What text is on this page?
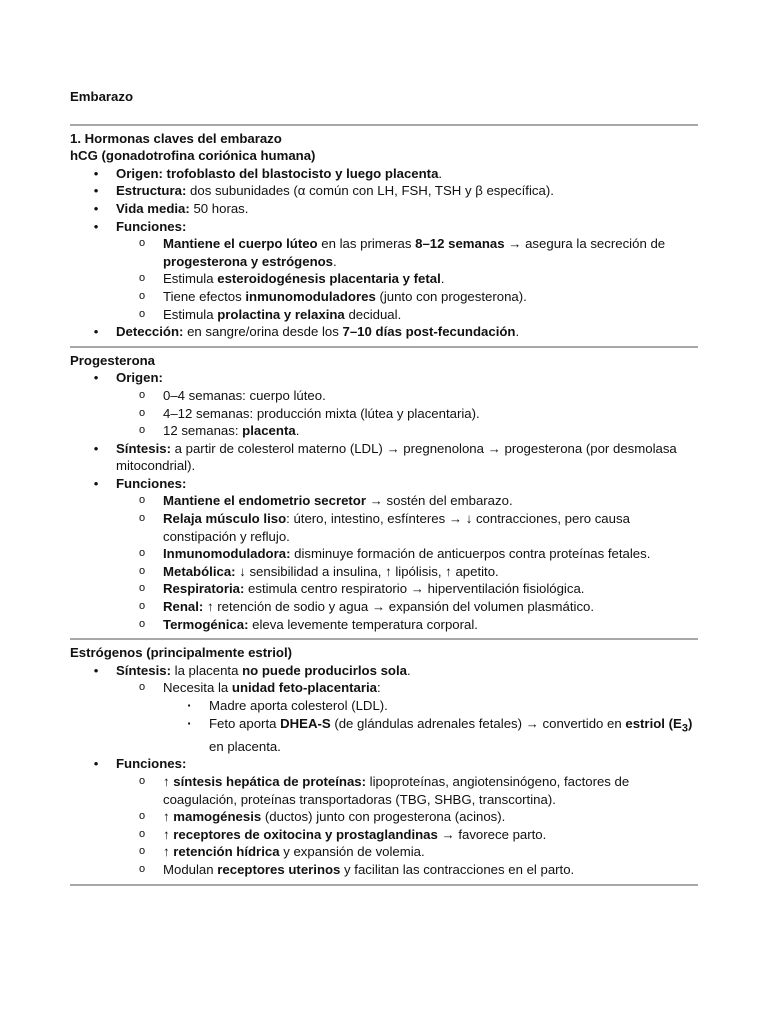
Embarazo

1. Hormonas claves del embarazo

hCG (gonadotrofina coriónica humana)

• Origen: trofoblasto del blastocisto y luego placenta.
• Estructura: dos subunidades (α común con LH, FSH, TSH y β específica).
• Vida media: 50 horas.
• Funciones:
o Mantiene el cuerpo lúteo en las primeras 8–12 semanas → asegura la secreción de progesterona y estrógenos.
o Estimula esteroidogénesis placentaria y fetal.
o Tiene efectos inmunomoduladores (junto con progesterona).
o Estimula prolactina y relaxina decidual.
• Detección: en sangre/orina desde los 7–10 días post-fecundación.

Progesterona

• Origen:
o 0–4 semanas: cuerpo lúteo.
o 4–12 semanas: producción mixta (lútea y placentaria).
o 12 semanas: placenta.
• Síntesis: a partir de colesterol materno (LDL) → pregnenolona → progesterona (por desmolasa mitocondrial).
• Funciones:
o Mantiene el endometrio secretor → sostén del embarazo.
o Relaja músculo liso: útero, intestino, esfínteres → ↓ contracciones, pero causa constipación y reflujo.
o Inmunomoduladora: disminuye formación de anticuerpos contra proteínas fetales.
o Metabólica: ↓ sensibilidad a insulina, ↑ lipólisis, ↑ apetito.
o Respiratoria: estimula centro respiratorio → hiperventilación fisiológica.
o Renal: ↑ retención de sodio y agua → expansión del volumen plasmático.
o Termogénica: eleva levemente temperatura corporal.

Estrógenos (principalmente estriol)

• Síntesis: la placenta no puede producirlos sola.
o Necesita la unidad feto-placentaria:
▪	Madre aporta colesterol (LDL).
▪	Feto aporta DHEA-S (de glándulas adrenales fetales) → convertido en estriol $(E_3)$ en placenta.
• Funciones:
o ↑ síntesis hepática de proteínas: lipoproteínas, angiotensinógeno, factores de coagulación, proteínas transportadoras (TBG, SHBG, transcortina).
o ↑ mamogénesis (ductos) junto con progesterona (acinos).
o ↑ receptores de oxitocina y prostaglandinas → favorece parto.
o ↑ retención hídrica y expansión de volemia.
o Modulan receptores uterinos y facilitan las contracciones en el parto.
